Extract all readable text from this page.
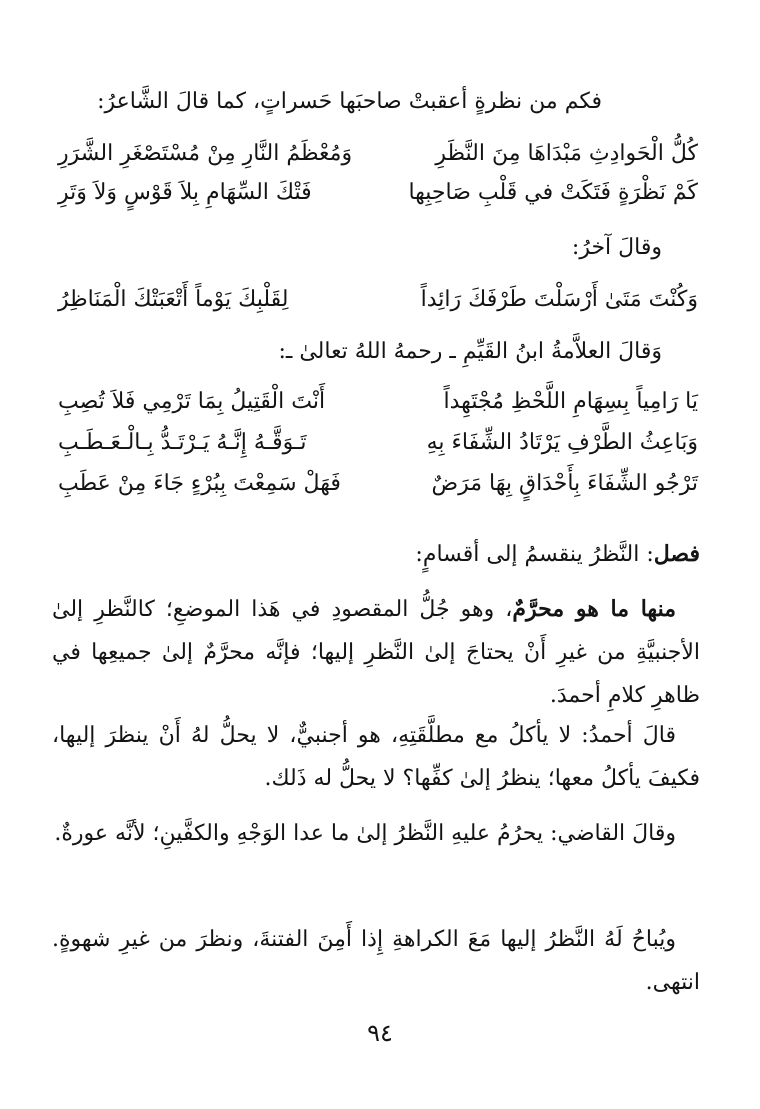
فكم من نظرةٍ أعقبتْ صاحبَها حَسراتٍ، كما قالَ الشَّاعرُ:
كُلُّ الْحَوادِثِ مَبْدَاهَا مِنَ النَّظَرِ
وَمُعْظَمُ النَّارِ مِنْ مُسْتَصْغَرِ الشَّرَرِ
كَمْ نَظْرَةٍ فَتَكَتْ في قَلْبِ صَاحِبِها
فَتْكَ السِّهَامِ بِلاَ قَوْسٍ وَلاَ وَتَرِ
وقالَ آخرُ:
وَكُنْتَ مَتَىٰ أَرْسَلْتَ طَرْفَكَ رَائِداً
لِقَلْبِكَ يَوْماً أَتْعَبَتْكَ الْمَنَاظِرُ
وَقالَ العلاَّمةُ ابنُ القَيِّمِ ـ رحمهُ اللهُ تعالىٰ ـ:
يَا رَامِياً بِسِهَامِ اللَّحْظِ مُجْتَهِداً
أَنْتَ الْقَتِيلُ بِمَا تَرْمِي فَلاَ تُصِبِ
وَبَاعِثُ الطَّرْفِ يَرْتَادُ الشِّفَاءَ بِهِ
تَـوَقَّـهُ إِنَّـهُ يَـرْتَـدُّ بِـالْـعَـطَـبِ
تَرْجُو الشِّفَاءَ بِأَحْدَاقٍ بِهَا مَرَضٌ
فَهَلْ سَمِعْتَ بِبُرْءٍ جَاءَ مِنْ عَطَبِ
فصل: النَّظرُ ينقسمُ إلى أقسامٍ:
منها ما هو محرَّمٌ، وهو جُلُّ المقصودِ في هَذا الموضعِ؛ كالنَّظرِ إلىٰ الأجنبيَّةِ من غيرِ أَنْ يحتاجَ إلىٰ النَّظرِ إليها؛ فإنَّه محرَّمٌ إلىٰ جميعِها في ظاهرِ كلامِ أحمدَ.
قالَ أحمدُ: لا يأكلُ مع مطلَّقَتِهِ، هو أجنبيٌّ، لا يحلُّ لهُ أَنْ ينظرَ إليها، فكيفَ يأكلُ معها؛ ينظرُ إلىٰ كفِّها؟ لا يحلُّ له ذَلك.
وقالَ القاضي: يحرُمُ عليهِ النَّظرُ إلىٰ ما عدا الوَجْهِ والكفَّينِ؛ لأنَّه عورةٌ.
ويُباحُ لَهُ النَّظرُ إليها مَعَ الكراهةِ إِذا أَمِنَ الفتنةَ، ونظرَ من غيرِ شهوةٍ. انتهى.
٩٤
